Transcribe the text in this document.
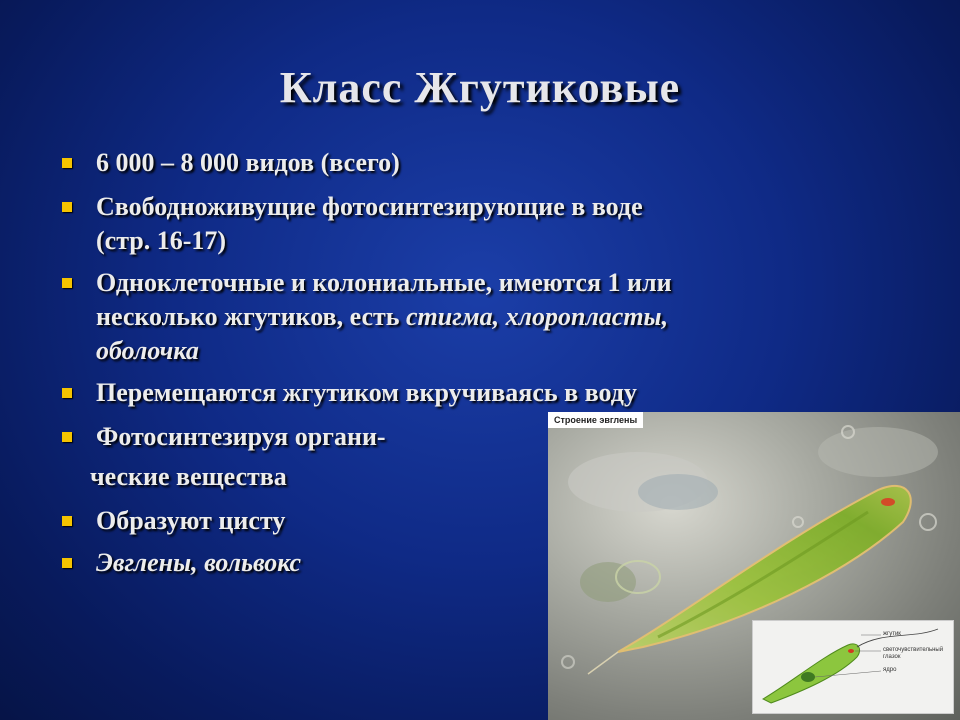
Класс Жгутиковые
6 000 – 8 000 видов (всего)
Свободноживущие фотосинтезирующие в воде
(стр. 16-17)
Одноклеточные и колониальные, имеются 1 или
несколько жгутиков, есть стигма, хлоропласты,
оболочка
Перемещаются жгутиком вкручиваясь в воду
Фотосинтезируя органи-
ческие вещества
Образуют цисту
Эвглены, вольвокс
Строение эвглены
жгутик
светочувствительный глазок
ядро
